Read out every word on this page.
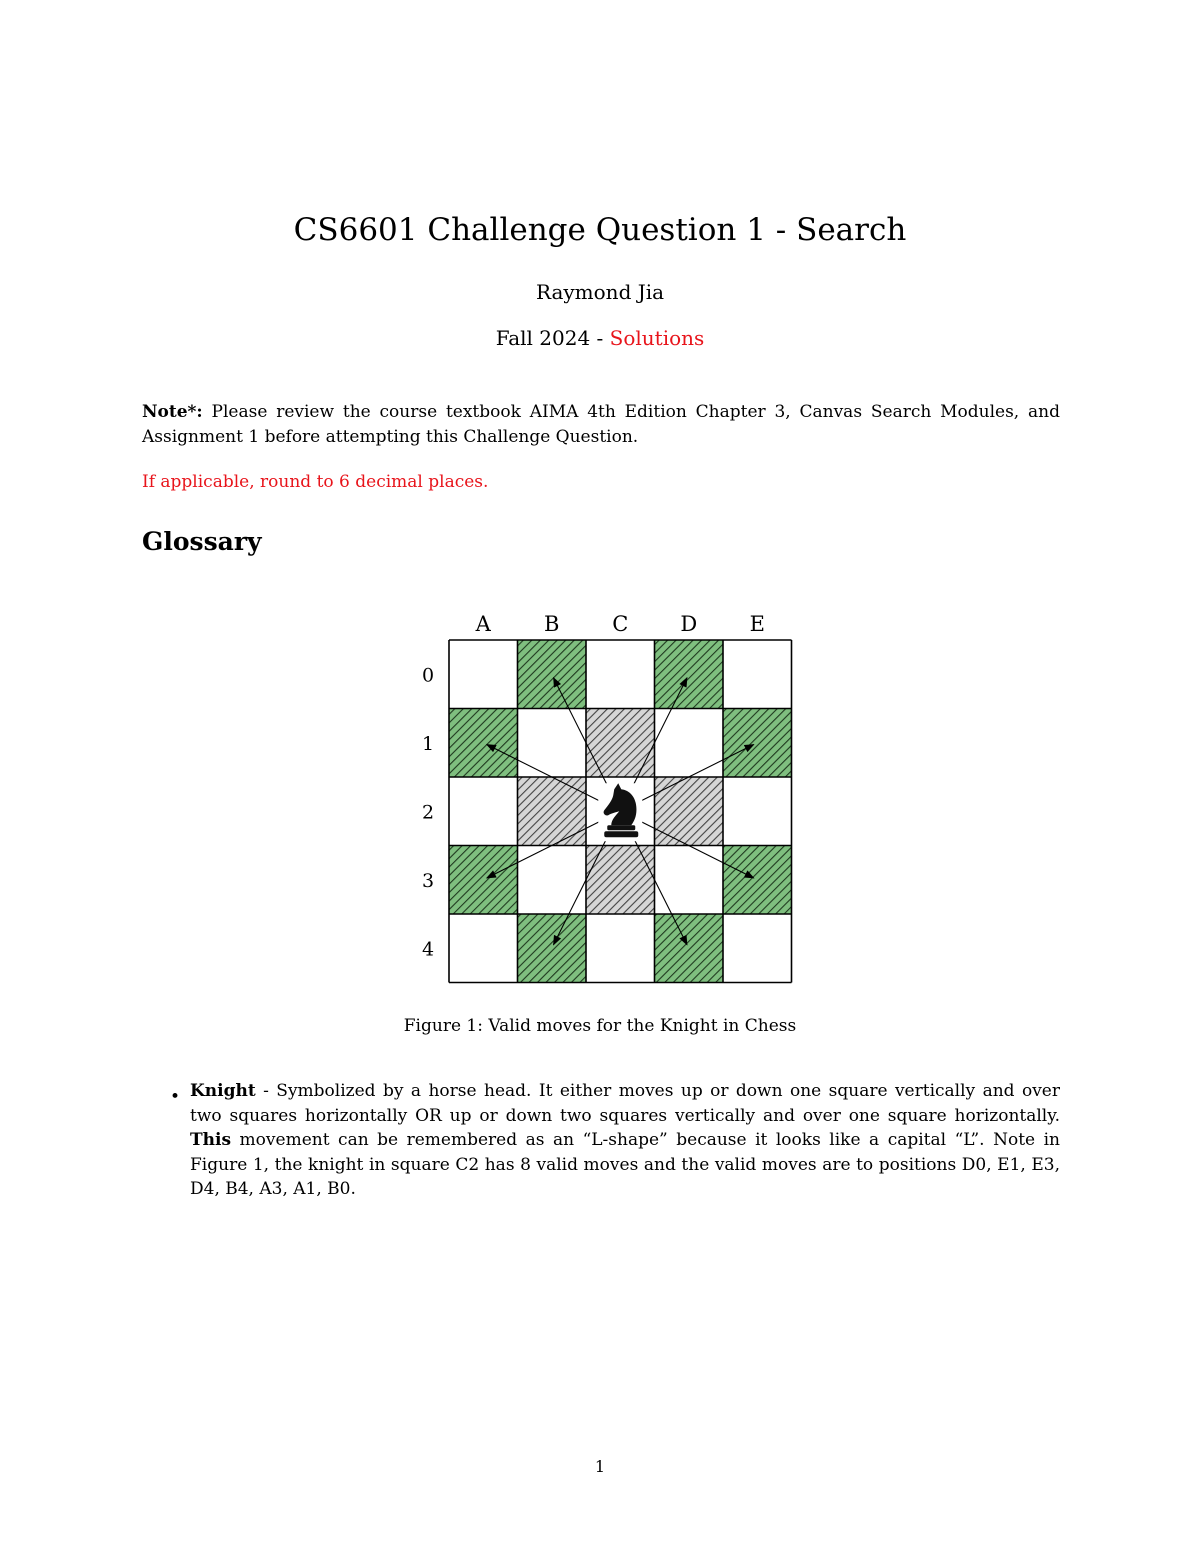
CS6601 Challenge Question 1 - Search
Raymond Jia
Fall 2024 - Solutions
Note*: Please review the course textbook AIMA 4th Edition Chapter 3, Canvas Search Modules, and Assignment 1 before attempting this Challenge Question.
If applicable, round to 6 decimal places.
Glossary
A	B	C D E
0
1
2
3
4
Figure 1: Valid moves for the Knight in Chess
• Knight - Symbolized by a horse head. It either moves up or down one square vertically and over two squares horizontally OR up or down two squares vertically and over one square horizontally. This movement can be remembered as an “L-shape” because it looks like a capital “L”. Note in Figure 1, the knight in square C2 has 8 valid moves and the valid moves are to positions D0, E1, E3, D4, B4, A3, A1, B0.
1
